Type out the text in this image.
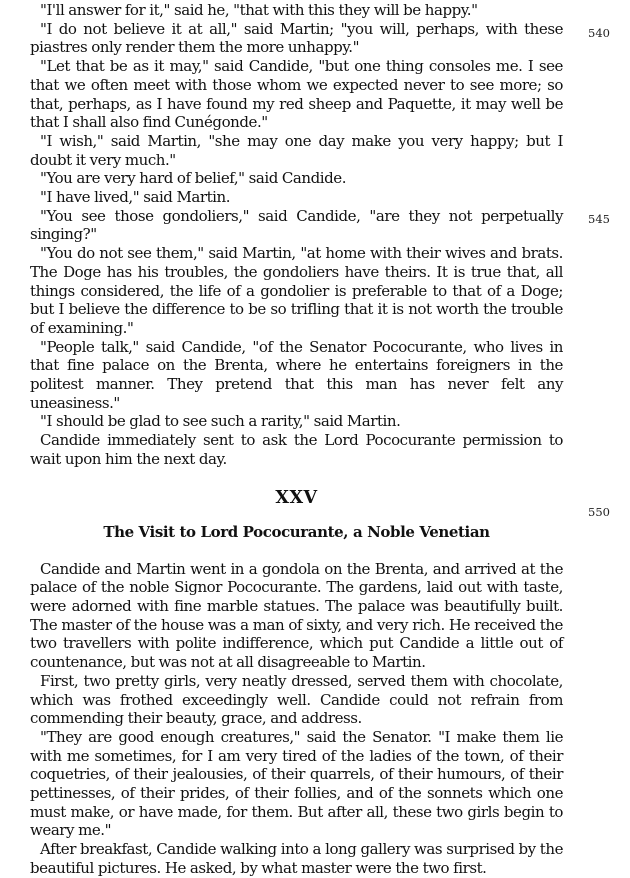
"I'll answer for it," said he, "that with this they will be happy."

"I do not believe it at all," said Martin; "you will, perhaps, with these piastres only render them the more unhappy."

"Let that be as it may," said Candide, "but one thing consoles me. I see that we often meet with those whom we expected never to see more; so that, perhaps, as I have found my red sheep and Paquette, it may well be that I shall also find Cunégonde."

"I wish," said Martin, "she may one day make you very happy; but I doubt it very much."

"You are very hard of belief," said Candide.

"I have lived," said Martin.

"You see those gondoliers," said Candide, "are they not perpetually singing?"

"You do not see them," said Martin, "at home with their wives and brats. The Doge has his troubles, the gondoliers have theirs. It is true that, all things considered, the life of a gondolier is preferable to that of a Doge; but I believe the difference to be so trifling that it is not worth the trouble of examining."

"People talk," said Candide, "of the Senator Pococurante, who lives in that fine palace on the Brenta, where he entertains foreigners in the politest manner. They pretend that this man has never felt any uneasiness."

"I should be glad to see such a rarity," said Martin.

Candide immediately sent to ask the Lord Pococurante permission to wait upon him the next day.

XXV
The Visit to Lord Pococurante, a Noble Venetian

Candide and Martin went in a gondola on the Brenta, and arrived at the palace of the noble Signor Pococurante. The gardens, laid out with taste, were adorned with fine marble statues. The palace was beautifully built. The master of the house was a man of sixty, and very rich. He received the two travellers with polite indifference, which put Candide a little out of countenance, but was not at all disagreeable to Martin.

First, two pretty girls, very neatly dressed, served them with chocolate, which was frothed exceedingly well. Candide could not refrain from commending their beauty, grace, and address.

"They are good enough creatures," said the Senator. "I make them lie with me sometimes, for I am very tired of the ladies of the town, of their coquetries, of their jealousies, of their quarrels, of their humours, of their pettinesses, of their prides, of their follies, and of the sonnets which one must make, or have made, for them. But after all, these two girls begin to weary me."

After breakfast, Candide walking into a long gallery was surprised by the beautiful pictures. He asked, by what master were the two first.

540
545
550
